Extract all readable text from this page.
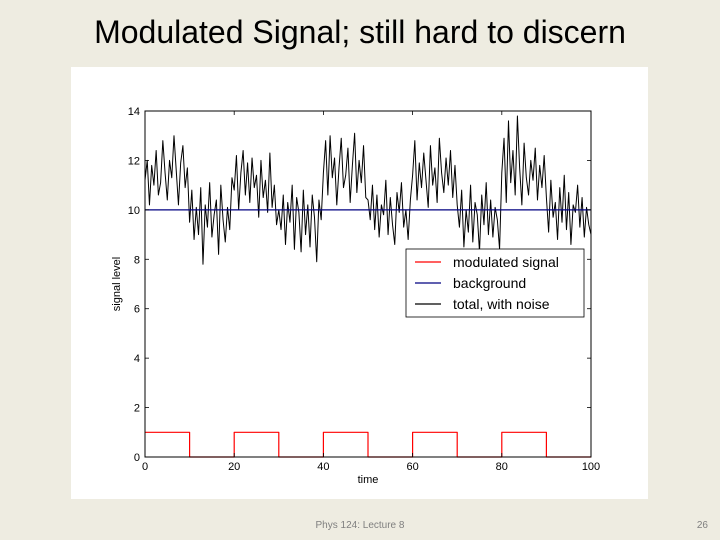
Modulated Signal; still hard to discern
0	20	40	60	80	100
0
2
4
6
8
10
12
14
time
signal level	modulated signal
background
total, with noise
Phys 124: Lecture 8	26
